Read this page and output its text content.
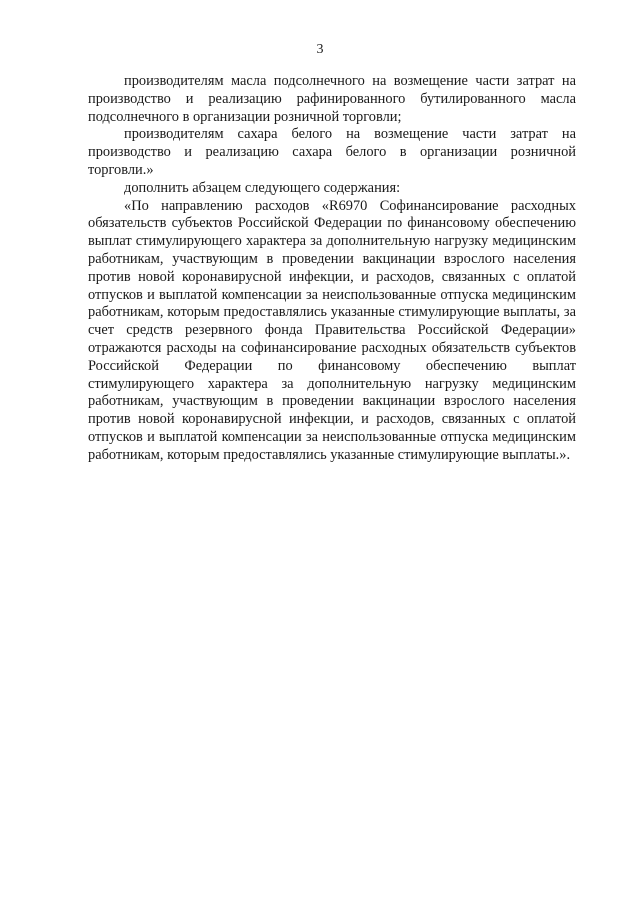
3

производителям масла подсолнечного на возмещение части затрат на производство и реализацию рафинированного бутилированного масла подсолнечного в организации розничной торговли;

производителям сахара белого на возмещение части затрат на производство и реализацию сахара белого в организации розничной торговли.»

дополнить абзацем следующего содержания:

«По направлению расходов «R6970 Софинансирование расходных обязательств субъектов Российской Федерации по финансовому обеспечению выплат стимулирующего характера за дополнительную нагрузку медицинским работникам, участвующим в проведении вакцинации взрослого населения против новой коронавирусной инфекции, и расходов, связанных с оплатой отпусков и выплатой компенсации за неиспользованные отпуска медицинским работникам, которым предоставлялись указанные стимулирующие выплаты, за счет средств резервного фонда Правительства Российской Федерации» отражаются расходы на софинансирование расходных обязательств субъектов Российской Федерации по финансовому обеспечению выплат стимулирующего характера за дополнительную нагрузку медицинским работникам, участвующим в проведении вакцинации взрослого населения против новой коронавирусной инфекции, и расходов, связанных с оплатой отпусков и выплатой компенсации за неиспользованные отпуска медицинским работникам, которым предоставлялись указанные стимулирующие выплаты.».
